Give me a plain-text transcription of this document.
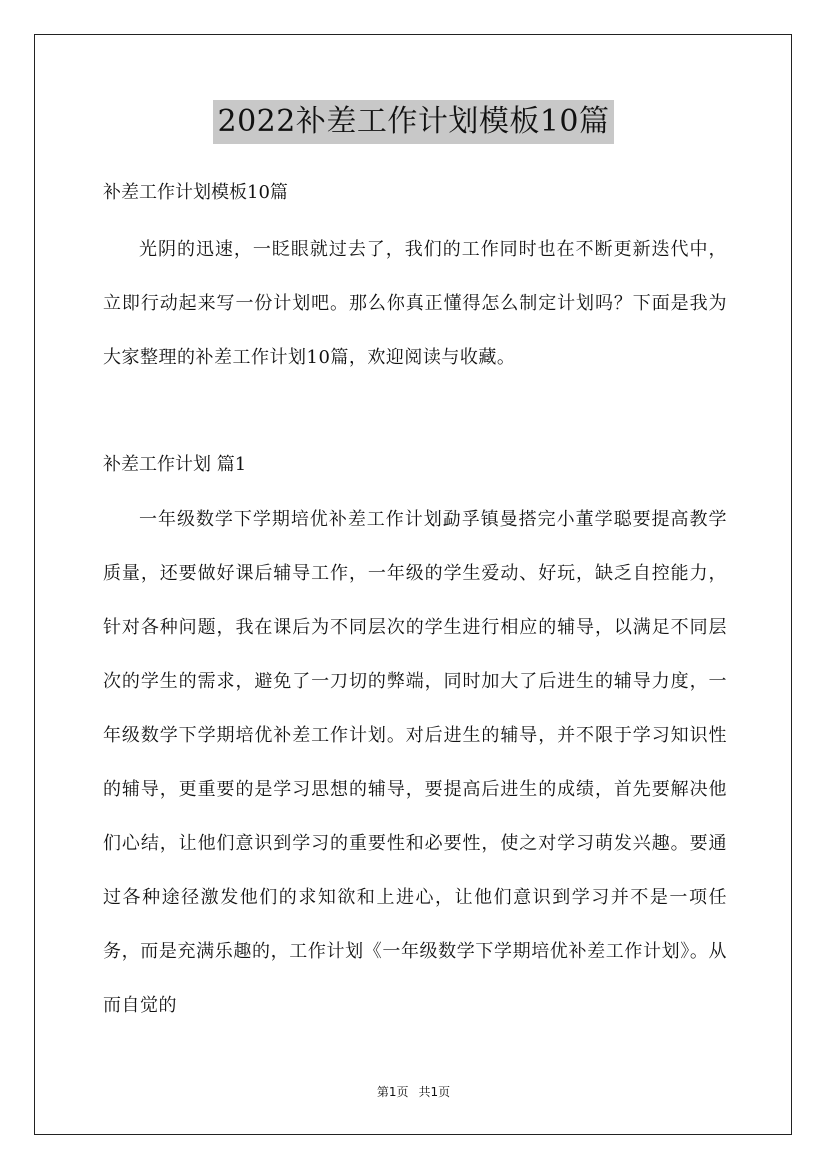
2022补差工作计划模板10篇
补差工作计划模板10篇

光阴的迅速，一眨眼就过去了，我们的工作同时也在不断更新迭代中，立即行动起来写一份计划吧。那么你真正懂得怎么制定计划吗？下面是我为大家整理的补差工作计划10篇，欢迎阅读与收藏。

补差工作计划 篇1

一年级数学下学期培优补差工作计划勐孚镇曼搭完小董学聪要提高教学质量，还要做好课后辅导工作，一年级的学生爱动、好玩，缺乏自控能力，针对各种问题，我在课后为不同层次的学生进行相应的辅导，以满足不同层次的学生的需求，避免了一刀切的弊端，同时加大了后进生的辅导力度，一年级数学下学期培优补差工作计划。对后进生的辅导，并不限于学习知识性的辅导，更重要的是学习思想的辅导，要提高后进生的成绩，首先要解决他们心结，让他们意识到学习的重要性和必要性，使之对学习萌发兴趣。要通过各种途径激发他们的求知欲和上进心，让他们意识到学习并不是一项任务，而是充满乐趣的，工作计划《一年级数学下学期培优补差工作计划》。从而自觉的

第1页 共1页
